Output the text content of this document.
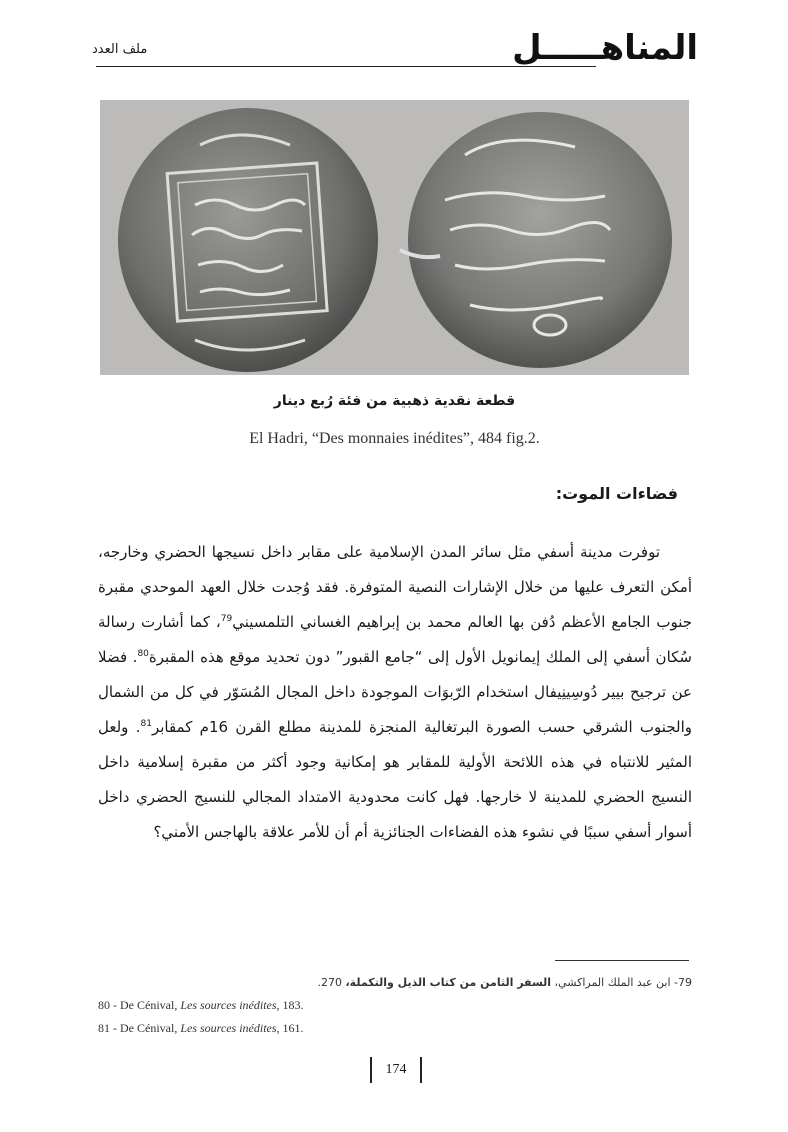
المناهـــــل
ملف العدد
قطعة نقدية ذهبية من فئة رُبع دينار
El Hadri, “Des monnaies inédites”, 484 fig.2.
فضاءات الموت:

توفرت مدينة أسفي مثل سائر المدن الإسلامية على مقابر داخل نسيجها الحضري وخارجه، أمكن التعرف عليها من خلال الإشارات النصية المتوفرة. فقد وُجدت خلال العهد الموحدي مقبرة جنوب الجامع الأعظم دُفن بها العالم محمد بن إبراهيم الغساني التلمسيني$^{79}$، كما أشارت رسالة سُكان أسفي إلى الملك إيمانويل الأول إلى “جامع القبور” دون تحديد موقع هذه المقبرة$^{80}$. فضلا عن ترجيح بيير دُوسِينِيفال استخدام الرّبوَات الموجودة داخل المجال المُسَوّر في كل من الشمال والجنوب الشرقي حسب الصورة البرتغالية المنجزة للمدينة مطلع القرن 16م كمقابر$^{81}$. ولعل المثير للانتباه في هذه اللائحة الأولية للمقابر هو إمكانية وجود أكثر من مقبرة إسلامية داخل النسيج الحضري للمدينة لا خارجها. فهل كانت محدودية الامتداد المجالي للنسيج الحضري داخل أسوار أسفي سببًا في نشوء هذه الفضاءات الجنائزية أم أن للأمر علاقة بالهاجس الأمني؟

79- ابن عبد الملك المراكشي، السفر الثامن من كتاب الذيل والتكملة، 270.
80 - De Cénival, Les sources inédites, 183.
81 - De Cénival, Les sources inédites, 161.
174
